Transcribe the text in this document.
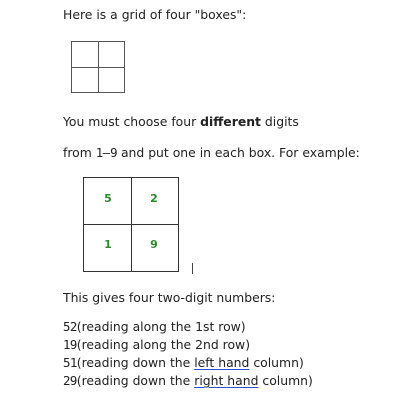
Here is a grid of four "boxes":
You must choose four different digits
from 1–9 and put one in each box. For example:
5	2
1	9
This gives four two-digit numbers:
52(reading along the 1st row)
19(reading along the 2nd row)
51(reading down the left hand column)
29(reading down the right hand column)
